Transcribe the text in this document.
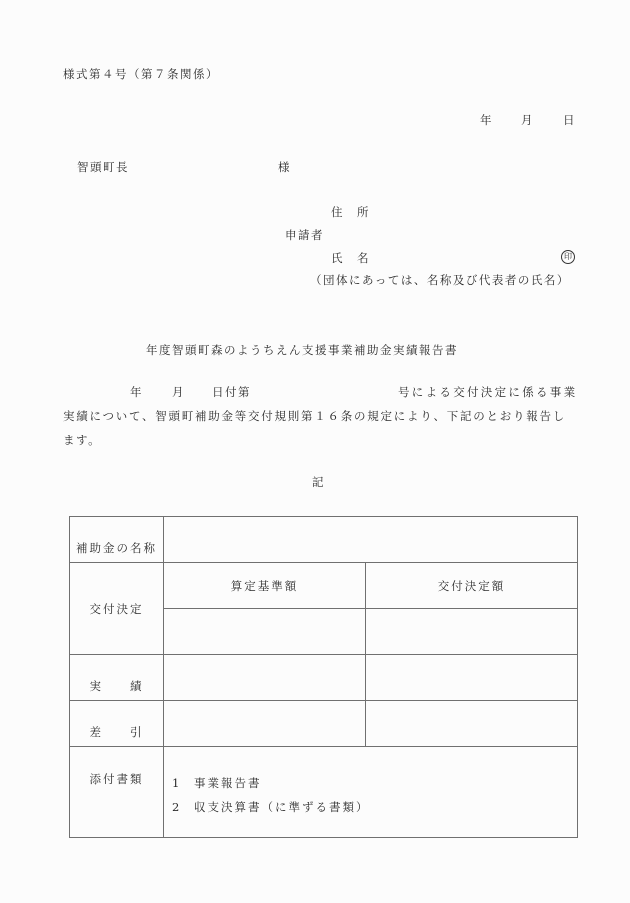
様式第４号（第７条関係）
年 月	日
智頭町長	様
住　所
申請者
氏　名	印
（団体にあっては、名称及び代表者の氏名）
年度智頭町森のようちえん支援事業補助金実績報告書
年	月 日付第	号による交付決定に係る事業
実績について、智頭町補助金等交付規則第１６条の規定により、下記のとおり報告し
ます。
記
補助金の名称		
交付決定	算定基準額	交付決定額

実　　績		
差　　引		
添付書類	1 事業報告書
2 収支決算書（に準ずる書類）	
